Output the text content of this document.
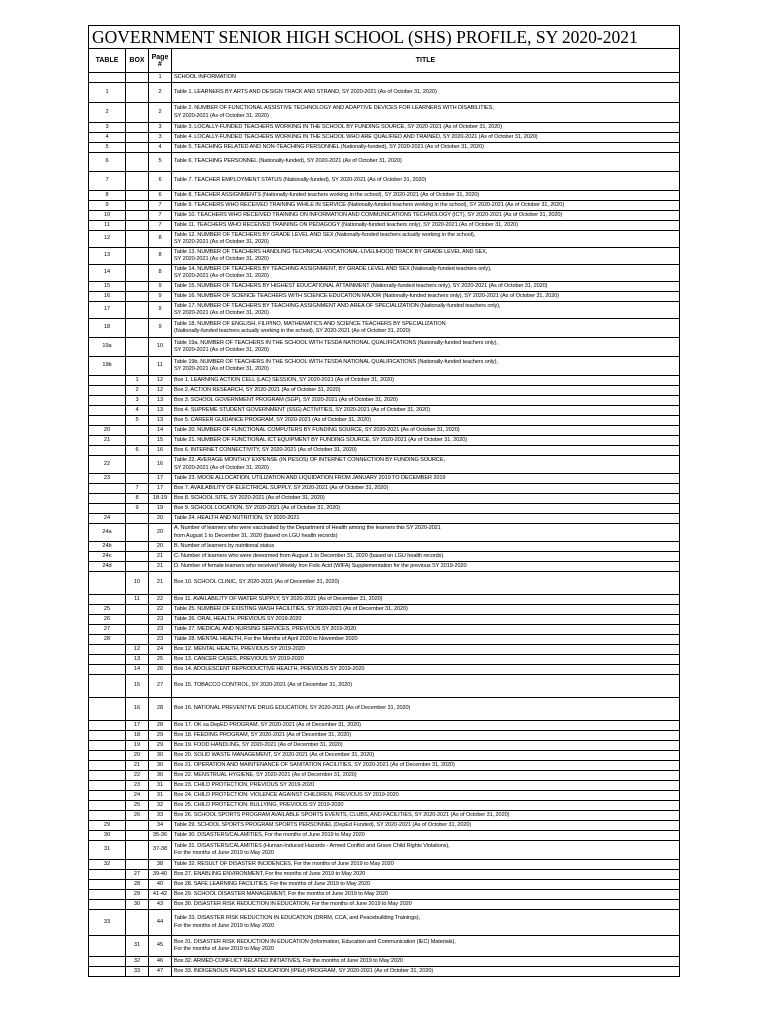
GOVERNMENT SENIOR HIGH SCHOOL (SHS) PROFILE, SY 2020-2021
TABLE	BOX	Page #	TITLE
		1	SCHOOL INFORMATION
1		2	Table 1. LEARNERS BY ARTS AND DESIGN TRACK AND STRAND, SY 2020-2021 (As of October 31, 2020)
2		2	Table 2. NUMBER OF FUNCTIONAL ASSISTIVE TECHNOLOGY AND ADAPTIVE DEVICES FOR LEARNERS WITH DISABILITIES,
SY 2020-2021 (As of October 31, 2020)
3		3	Table 3. LOCALLY-FUNDED TEACHERS WORKING IN THE SCHOOL BY FUNDING SOURCE, SY 2020-2021 (As of October 31, 2020)
4		3	Table 4. LOCALLY-FUNDED TEACHERS WORKING IN THE SCHOOL WHO ARE QUALIFIED AND TRAINED, SY 2020-2021 (As of October 31, 2020)
5		4	Table 5. TEACHING RELATED AND NON-TEACHING PERSONNEL (Nationally-funded), SY 2020-2021 (As of October 31, 2020)
6		5	Table 6. TEACHING PERSONNEL (Nationally-funded), SY 2020-2021 (As of October 31, 2020)
7		6	Table 7. TEACHER EMPLOYMENT STATUS (Nationally-funded), SY 2020-2021 (As of October 31, 2020)
8		6	Table 8. TEACHER ASSIGNMENTS (Nationally-funded teachers working in the school), SY 2020-2021 (As of October 31, 2020)
9		7	Table 9. TEACHERS WHO RECEIVED TRAINING WHILE IN SERVICE (Nationally-funded teachers working in the school), SY 2020-2021 (As of October 31, 2020)
10		7	Table 10. TEACHERS WHO RECEIVED TRAINING ON INFORMATION AND COMMUNICATIONS TECHNOLOGY (ICT), SY 2020-2021 (As of October 31, 2020)
11		7	Table 11. TEACHERS WHO RECEIVED TRAINING ON PEDAGOGY (Nationally-funded teachers only), SY 2020-2021 (As of October 31, 2020)
12		8	Table 12. NUMBER OF TEACHERS BY GRADE LEVEL AND SEX (Nationally-funded teachers actually working in the school),
SY 2020-2021 (As of October 31, 2020)
13		8	Table 13. NUMBER OF TEACHERS HANDLING TECHNICAL-VOCATIONAL-LIVELIHOOD TRACK BY GRADE LEVEL AND SEX,
SY 2020-2021 (As of October 31, 2020)
14		8	Table 14. NUMBER OF TEACHERS BY TEACHING ASSIGNMENT, BY GRADE LEVEL AND SEX (Nationally-funded teachers only),
SY 2020-2021 (As of October 31, 2020)
15		9	Table 15. NUMBER OF TEACHERS BY HIGHEST EDUCATIONAL ATTAINMENT (Nationally-funded teachers only), SY 2020-2021 (As of October 31, 2020)
16		9	Table 16. NUMBER OF SCIENCE TEACHERS WITH SCIENCE EDUCATION MAJOR (Nationally-funded teachers only), SY 2020-2021 (As of October 31, 2020)
17		9	Table 17. NUMBER OF TEACHERS BY TEACHING ASSIGNMENT AND AREA OF SPECIALIZATION (Nationally-funded teachers only),
SY 2020-2021 (As of October 31, 2020)
18		9	Table 18. NUMBER OF ENGLISH, FILIPINO, MATHEMATICS AND SCIENCE TEACHERS BY SPECIALIZATION
(Nationally-funded teachers actually working in the school), SY 2020-2021 (As of October 31, 2020)
19a		10	Table 19a. NUMBER OF TEACHERS IN THE SCHOOL WITH TESDA NATIONAL QUALIFICATIONS (Nationally-funded teachers only),
SY 2020-2021 (As of October 31, 2020)
19b		11	Table 19b. NUMBER OF TEACHERS IN THE SCHOOL WITH TESDA NATIONAL QUALIFICATIONS (Nationally-funded teachers only),
SY 2020-2021 (As of October 31, 2020)
	1	12	Box 1. LEARNING ACTION CELL (LAC) SESSION, SY 2020-2021 (As of October 31, 2020)
	2	12	Box 2. ACTION RESEARCH, SY 2020-2021 (As of October 31, 2020)
	3	13	Box 3. SCHOOL GOVERNMENT PROGRAM (SGP), SY 2020-2021 (As of October 31, 2020)
	4	13	Box 4. SUPREME STUDENT GOVERNMENT (SSG) ACTIVITIES, SY 2020-2021 (As of October 31, 2020)
	5	13	Box 5. CAREER GUIDANCE PROGRAM, SY 2020-2021 (As of October 31, 2020)
20		14	Table 20. NUMBER OF FUNCTIONAL COMPUTERS BY FUNDING SOURCE, SY 2020-2021 (As of October 31, 2020)
21		15	Table 21. NUMBER OF FUNCTIONAL ICT EQUIPMENT BY FUNDING SOURCE, SY 2020-2021 (As of October 31, 2020)
	6	16	Box 6. INTERNET CONNECTIVITY, SY 2020-2021 (As of October 31, 2020)
22		16	Table 22. AVERAGE MONTHLY EXPENSE (IN PESOS) OF INTERNET CONNECTION BY FUNDING SOURCE,
SY 2020-2021 (As of October 31, 2020)
23		17	Table 23. MOOE ALLOCATION, UTILIZATION AND LIQUIDATION FROM JANUARY 2019 TO DECEMBER 2019
	7	17	Box 7. AVAILABILITY OF ELECTRICAL SUPPLY, SY 2020-2021 (As of October 31, 2020)
	8	18-19	Box 8. SCHOOL SITE, SY 2020-2021 (As of October 31, 2020)
	9	19	Box 9. SCHOOL LOCATION, SY 2020-2021 (As of October 31, 2020)
24		20	Table 24. HEALTH AND NUTRITION, SY 2020-2021
24a		20	A. Number of learners who were vaccinated by the Department of Health among the learners this SY 2020-2021
from August 1 to December 31, 2020 (based on LGU health records)
24b		20	B. Number of learners by nutritional status
24c		21	C. Number of learners who were dewormed from August 1 to December 31, 2020 (based on LGU health records)
24d		21	D. Number of female learners who received Weekly Iron Folic Acid (WIFA) Supplementation for the previous SY 2019-2020
	10	21	Box 10. SCHOOL CLINIC, SY 2020-2021 (As of December 31, 2020)
	11	22	Box 11. AVAILABILITY OF WATER SUPPLY, SY 2020-2021 (As of December 31, 2020)
25		22	Table 25. NUMBER OF EXISTING WASH FACILITIES, SY 2020-2021 (As of December 31, 2020)
26		23	Table 26. ORAL HEALTH, PREVIOUS SY 2019-2020
27		23	Table 27. MEDICAL AND NURSING SERVICES, PREVIOUS SY 2019-2020
28		23	Table 28. MENTAL HEALTH, For the Months of April 2020 to November 2020
	12	24	Box 12. MENTAL HEALTH, PREVIOUS SY 2019-2020
	13	25	Box 13. CANCER CASES, PREVIOUS SY 2019-2020
	14	26	Box 14. ADOLESCENT REPRODUCTIVE HEALTH, PREVIOUS SY 2019-2020
	15	27	Box 15. TOBACCO CONTROL, SY 2020-2021 (As of December 31, 2020)
	16	28	Box 16. NATIONAL PREVENTIVE DRUG EDUCATION, SY 2020-2021 (As of December 31, 2020)
	17	28	Box 17. OK sa DepED PROGRAM, SY 2020-2021 (As of December 31, 2020)
	18	29	Box 18. FEEDING PROGRAM, SY 2020-2021 (As of December 31, 2020)
	19	29	Box 19. FOOD HANDLING, SY 2020-2021 (As of December 31, 2020)
	20	30	Box 20. SOLID WASTE MANAGEMENT, SY 2020-2021 (As of December 31, 2020)
	21	30	Box 21. OPERATION AND MAINTENANCE OF SANITATION FACILITIES, SY 2020-2021 (As of December 31, 2020)
	22	30	Box 22. MENSTRUAL HYGIENE, SY 2020-2021 (As of December 31, 2020)
	23	31	Box 23. CHILD PROTECTION, PREVIOUS SY 2019-2020
	24	31	Box 24. CHILD PROTECTION: VIOLENCE AGAINST CHILDREN, PREVIOUS SY 2019-2020
	25	32	Box 25. CHILD PROTECTION: BULLYING, PREVIOUS SY 2019-2020
	26	33	Box 26. SCHOOL SPORTS PROGRAM AVAILABLE SPORTS EVENTS, CLUBS, AND FACILITIES, SY 2020-2021 (As of October 31, 2020)
29		34	Table 29. SCHOOL SPORTS PROGRAM SPORTS PERSONNEL (DepEd Funded), SY 2020-2021 (As of October 31, 2020)
30		35-36	Table 30. DISASTERS/CALAMITIES, For the months of June 2019 to May 2020
31		37-38	Table 31. DISASTERS/CALAMITIES (Human-Induced Hazards - Armed Conflict and Grave Child Rights Violations),
For the months of June 2019 to May 2020
32		38	Table 32. RESULT OF DISASTER INCIDENCES, For the months of June 2019 to May 2020
	27	39-40	Box 27. ENABLING ENVIRONMENT, For the months of June 2019 to May 2020
	28	40	Box 28. SAFE LEARNING FACILITIES, For the months of June 2019 to May 2020
	29	41-42	Box 29. SCHOOL DISASTER MANAGEMENT, For the months of June 2019 to May 2020
	30	43	Box 30. DISASTER RISK REDUCTION IN EDUCATION, For the months of June 2019 to May 2020
33		44	Table 33. DISASTER RISK REDUCTION IN EDUCATION (DRRM, CCA, and Peacebuilding Trainings),
For the months of June 2019 to May 2020
	31	45	Box 31. DISASTER RISK REDUCTION IN EDUCATION (Information, Education and Communication (IEC) Materials),
For the months of June 2019 to May 2020
	32	46	Box 32. ARMED-CONFLICT RELATED INITIATIVES, For the months of June 2019 to May 2020
	33	47	Box 33. INDIGENOUS PEOPLES' EDUCATION (IPEd) PROGRAM, SY 2020-2021 (As of October 31, 2020)
